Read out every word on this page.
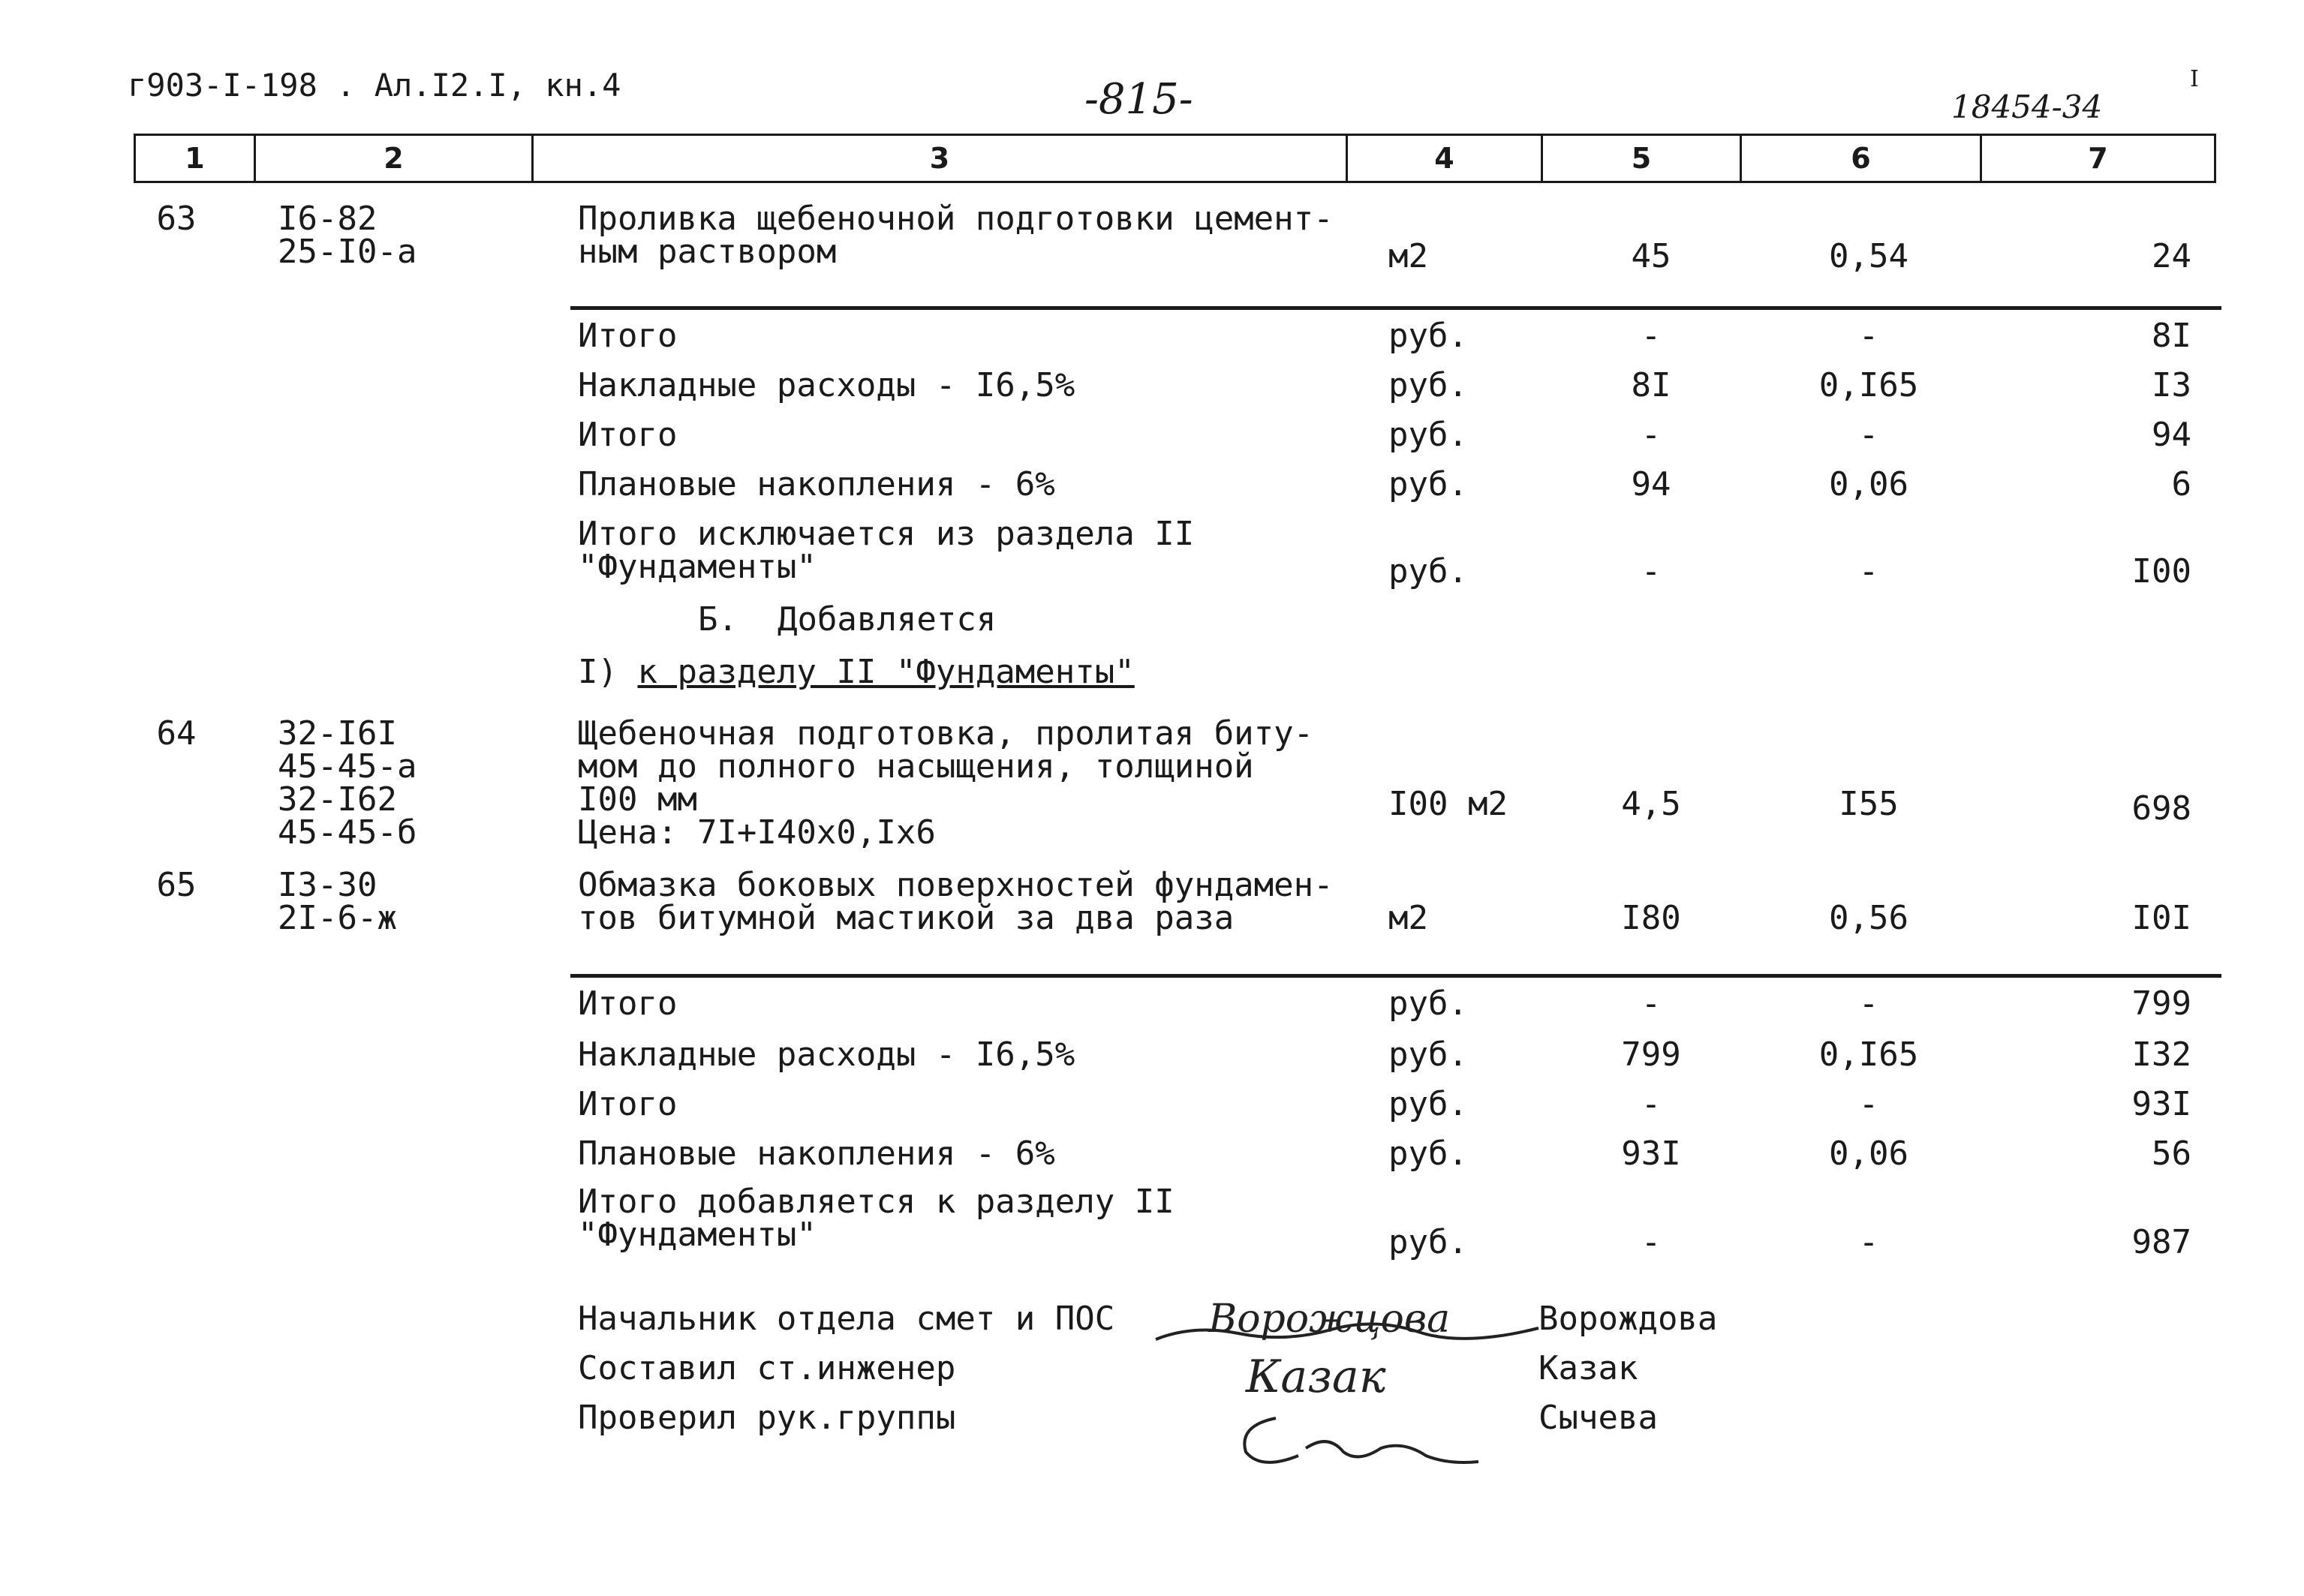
г903-I-198 . Ал.I2.I, кн.4	-815-	18454-34
I
1	2	3	4	5	6	7
63 I6-82
25-I0-a
Проливка щебеночной подготовки цемент-
ным раствором	м2	45	0,54	24
Итого	руб.	-	-	8I
Накладные расходы - I6,5%	руб.	8I	0,I65	I3
Итого	руб.	-	-	94
Плановые накопления - 6%	руб.	94	0,06	6
Итого исключается из раздела II
"Фундаменты"	руб.	-	-	I00
Б.  Добавляется
I) к разделу II "Фундаменты"
64 32-I6I
45-45-a
32-I62
45-45-б
Щебеночная подготовка, пролитая биту-
мом до полного насыщения, толщиной
I00 мм
Цена: 7I+I40x0,Ix6
I00 м2	4,5	I55	698
65 I3-30
2I-6-ж
Обмазка боковых поверхностей фундамен-
тов битумной мастикой за два раза	м2	I80	0,56	I0I
Итого	руб.	-	-	799
Накладные расходы - I6,5%	руб.	799	0,I65	I32
Итого	руб.	-	-	93I
Плановые накопления - 6%	руб.	93I	0,06	56
Итого добавляется к разделу II
"Фундаменты"	руб.	-	-	987
Начальник отдела смет и ПОС	Ворождова
Составил ст.инженер	Казак
Проверил рук.группы	Сычева
Ворожцова
Казак
